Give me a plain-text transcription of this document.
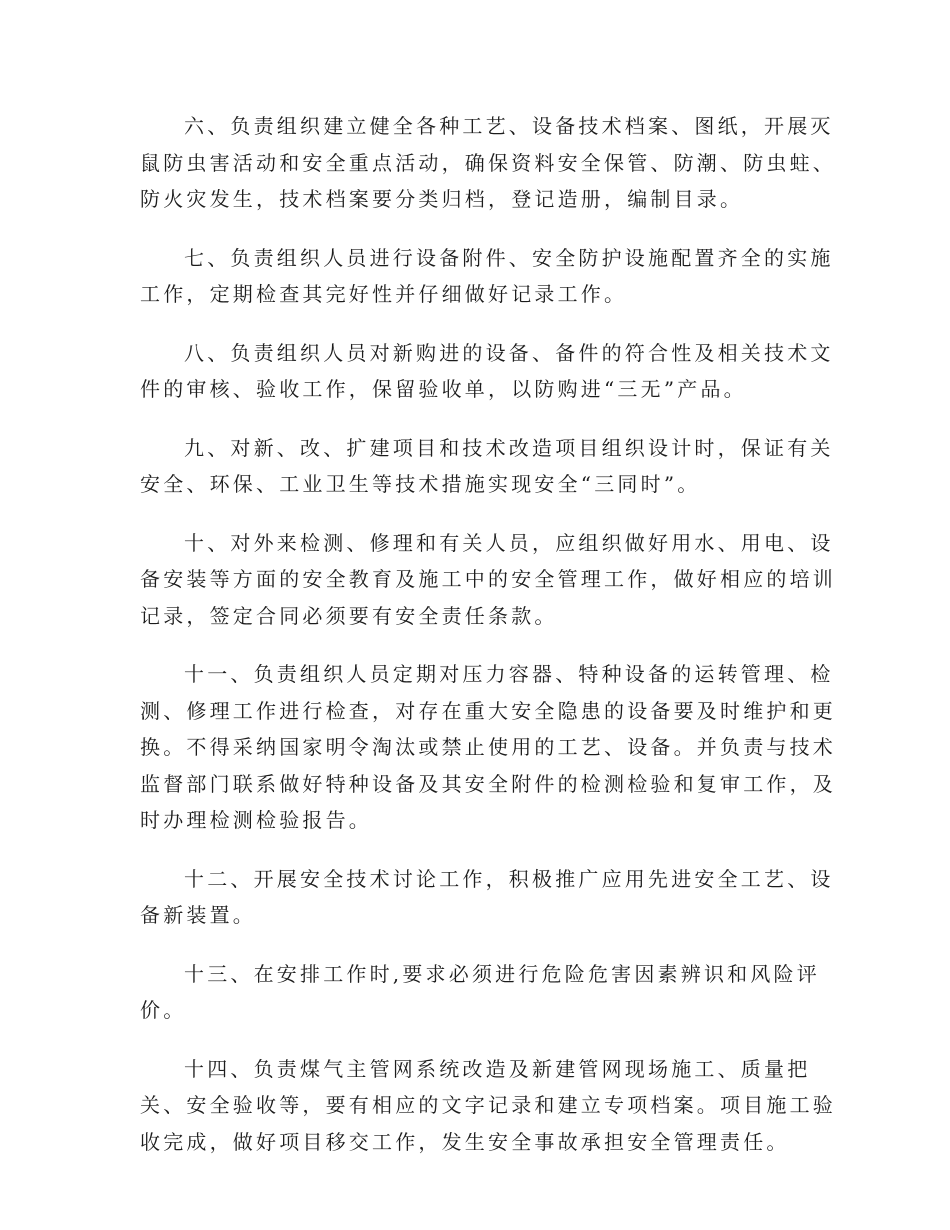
六、负责组织建立健全各种工艺、设备技术档案、图纸，开展灭
鼠防虫害活动和安全重点活动，确保资料安全保管、防潮、防虫蛀、
防火灾发生，技术档案要分类归档，登记造册，编制目录。

七、负责组织人员进行设备附件、安全防护设施配置齐全的实施
工作，定期检查其完好性并仔细做好记录工作。

八、负责组织人员对新购进的设备、备件的符合性及相关技术文
件的审核、验收工作，保留验收单，以防购进“三无”产品。

九、对新、改、扩建项目和技术改造项目组织设计时，保证有关
安全、环保、工业卫生等技术措施实现安全“三同时”。

十、对外来检测、修理和有关人员，应组织做好用水、用电、设
备安装等方面的安全教育及施工中的安全管理工作，做好相应的培训
记录，签定合同必须要有安全责任条款。

十一、负责组织人员定期对压力容器、特种设备的运转管理、检
测、修理工作进行检查，对存在重大安全隐患的设备要及时维护和更
换。不得采纳国家明令淘汰或禁止使用的工艺、设备。并负责与技术
监督部门联系做好特种设备及其安全附件的检测检验和复审工作，及
时办理检测检验报告。

十二、开展安全技术讨论工作，积极推广应用先进安全工艺、设
备新装置。

十三、在安排工作时,要求必须进行危险危害因素辨识和风险评
价。

十四、负责煤气主管网系统改造及新建管网现场施工、质量把
关、安全验收等，要有相应的文字记录和建立专项档案。项目施工验
收完成，做好项目移交工作，发生安全事故承担安全管理责任。
